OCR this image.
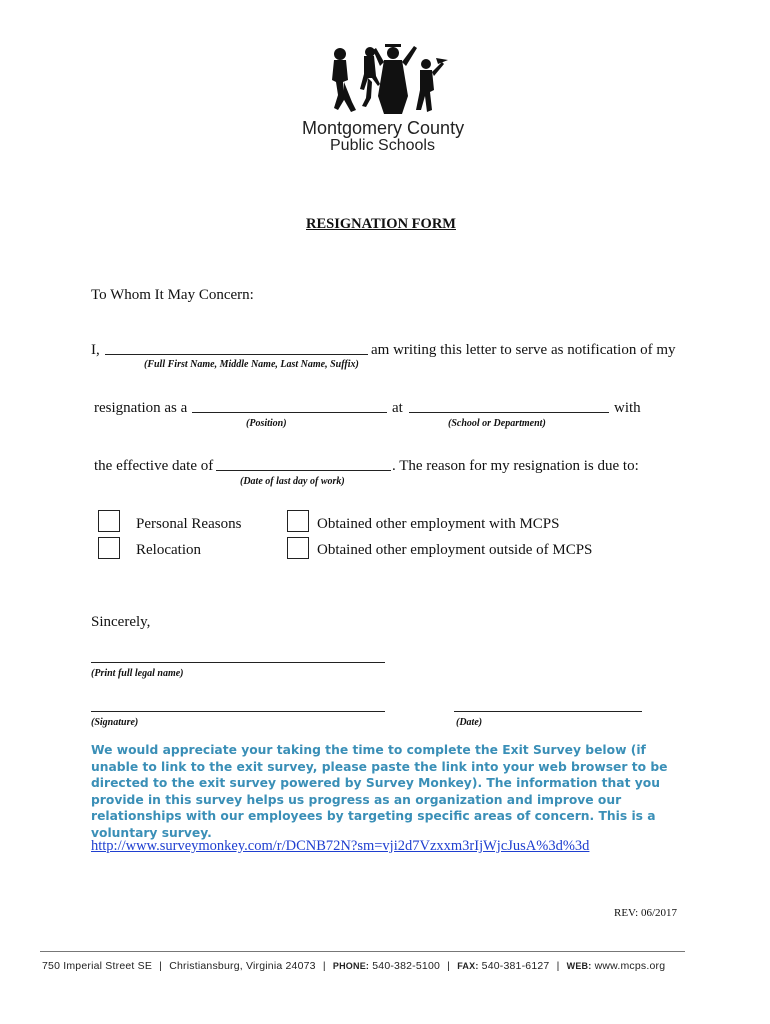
Montgomery County
Public Schools
RESIGNATION FORM
To Whom It May Concern:
I,	am writing this letter to serve as notification of my
(Full First Name, Middle Name, Last Name, Suffix)
resignation as a	at	with
(Position)	(School or Department)
the effective date of	. The reason for my resignation is due to:
(Date of last day of work)
Personal Reasons
Relocation
Obtained other employment with MCPS
Obtained other employment outside of MCPS
Sincerely,
(Print full legal name)
(Signature)	(Date)
We would appreciate your taking the time to complete the Exit Survey below (if unable to link to the exit survey, please paste the link into your web browser to be directed to the exit survey powered by Survey Monkey). The information that you provide in this survey helps us progress as an organization and improve our relationships with our employees by targeting specific areas of concern. This is a voluntary survey.
http://www.surveymonkey.com/r/DCNB72N?sm=vji2d7Vzxxm3rIjWjcJusA%3d%3d
REV: 06/2017
750 Imperial Street SE | Christiansburg, Virginia 24073 | PHONE: 540-382-5100 | FAX: 540-381-6127 | WEB: www.mcps.org
